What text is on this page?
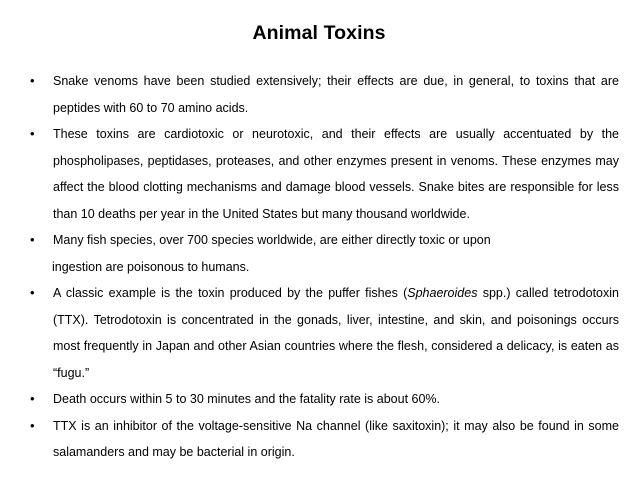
Animal Toxins
•	Snake venoms have been studied extensively; their effects are due, in general, to toxins that are peptides with 60 to 70 amino acids.
•	These toxins are cardiotoxic or neurotoxic, and their effects are usually accentuated by the phospholipases, peptidases, proteases, and other enzymes present in venoms. These enzymes may affect the blood clotting mechanisms and damage blood vessels. Snake bites are responsible for less than 10 deaths per year in the United States but many thousand worldwide.
•	Many fish species, over 700 species worldwide, are either directly toxic or upon
ingestion are poisonous to humans.
•	A classic example is the toxin produced by the puffer fishes (Sphaeroides spp.) called tetrodotoxin (TTX). Tetrodotoxin is concentrated in the gonads, liver, intestine, and skin, and poisonings occurs most frequently in Japan and other Asian countries where the flesh, considered a delicacy, is eaten as “fugu.”
•	Death occurs within 5 to 30 minutes and the fatality rate is about 60%.
•	TTX is an inhibitor of the voltage-sensitive Na channel (like saxitoxin); it may also be found in some salamanders and may be bacterial in origin.
